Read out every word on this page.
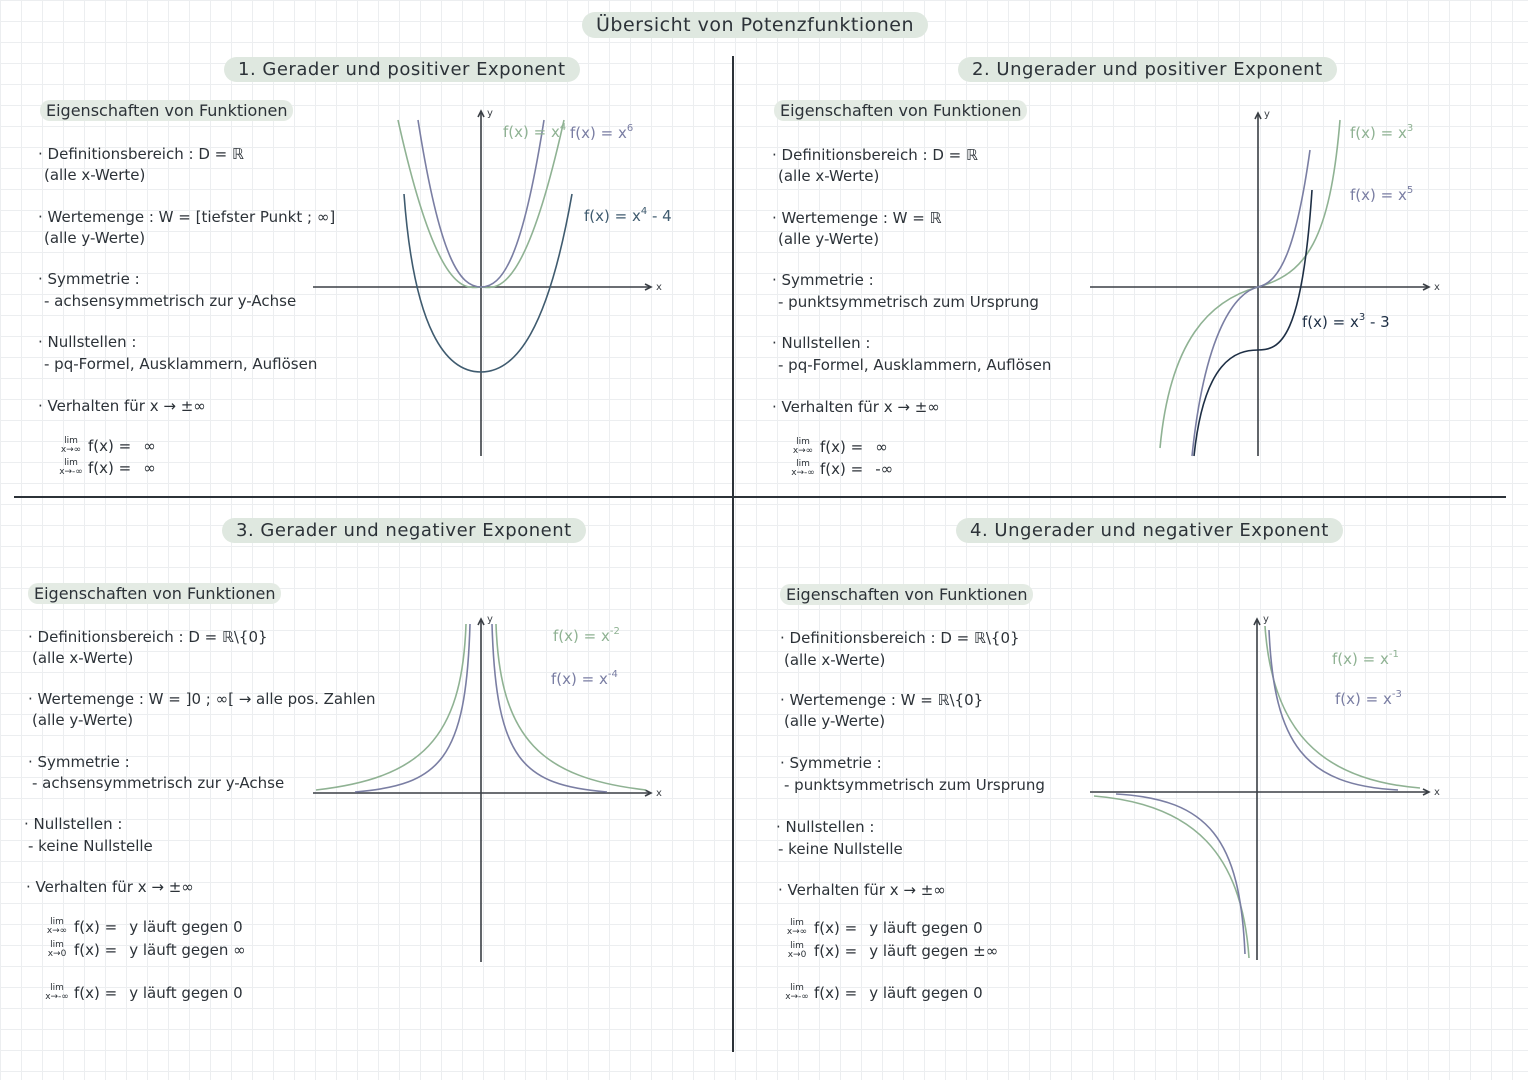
Übersicht von Potenzfunktionen
1. Gerader und positiver Exponent
Eigenschaften von Funktionen
· Definitionsbereich : D = ℝ
(alle x-Werte)
· Wertemenge : W = [tiefster Punkt ; ∞]
(alle y-Werte)
· Symmetrie :
- achsensymmetrisch zur y-Achse
· Nullstellen :
- pq-Formel, Ausklammern, Auflösen
· Verhalten für x → ±∞
lim
x→∞ f(x) = ∞
lim
x→-∞ f(x) = ∞
x
y
$f(x) = x^4$ $f(x) = x^6$
$f(x) = x^4 - 4$
2. Ungerader und positiver Exponent
Eigenschaften von Funktionen
· Definitionsbereich : D = ℝ
(alle x-Werte)
· Wertemenge : W = ℝ
(alle y-Werte)
· Symmetrie :
- punktsymmetrisch zum Ursprung
· Nullstellen :
- pq-Formel, Ausklammern, Auflösen
· Verhalten für x → ±∞
lim
x→∞ f(x) = ∞
lim
x→-∞ f(x) = -∞
x
y
$f(x) = x^3$
$f(x) = x^5$
$f(x) = x^3 - 3$
3. Gerader und negativer Exponent
Eigenschaften von Funktionen
· Definitionsbereich : D = ℝ\{0}
(alle x-Werte)
· Wertemenge : W = ]0 ; ∞[ → alle pos. Zahlen
(alle y-Werte)
· Symmetrie :
- achsensymmetrisch zur y-Achse
· Nullstellen :
- keine Nullstelle
· Verhalten für x → ±∞
lim
x→∞ f(x) = y läuft gegen 0
lim
x→0 f(x) = y läuft gegen ∞
lim
x→-∞ f(x) = y läuft gegen 0
x
y
$f(x) = x^{-2}$
$f(x) = x^{-4}$
4. Ungerader und negativer Exponent
Eigenschaften von Funktionen
· Definitionsbereich : D = ℝ\{0}
(alle x-Werte)
· Wertemenge : W = ℝ\{0}
(alle y-Werte)
· Symmetrie :
- punktsymmetrisch zum Ursprung
· Nullstellen :
- keine Nullstelle
· Verhalten für x → ±∞
lim
x→∞ f(x) = y läuft gegen 0
lim
x→0 f(x) = y läuft gegen ±∞
lim
x→-∞ f(x) = y läuft gegen 0
x
y
$f(x) = x^{-1}$
$f(x) = x^{-3}$
